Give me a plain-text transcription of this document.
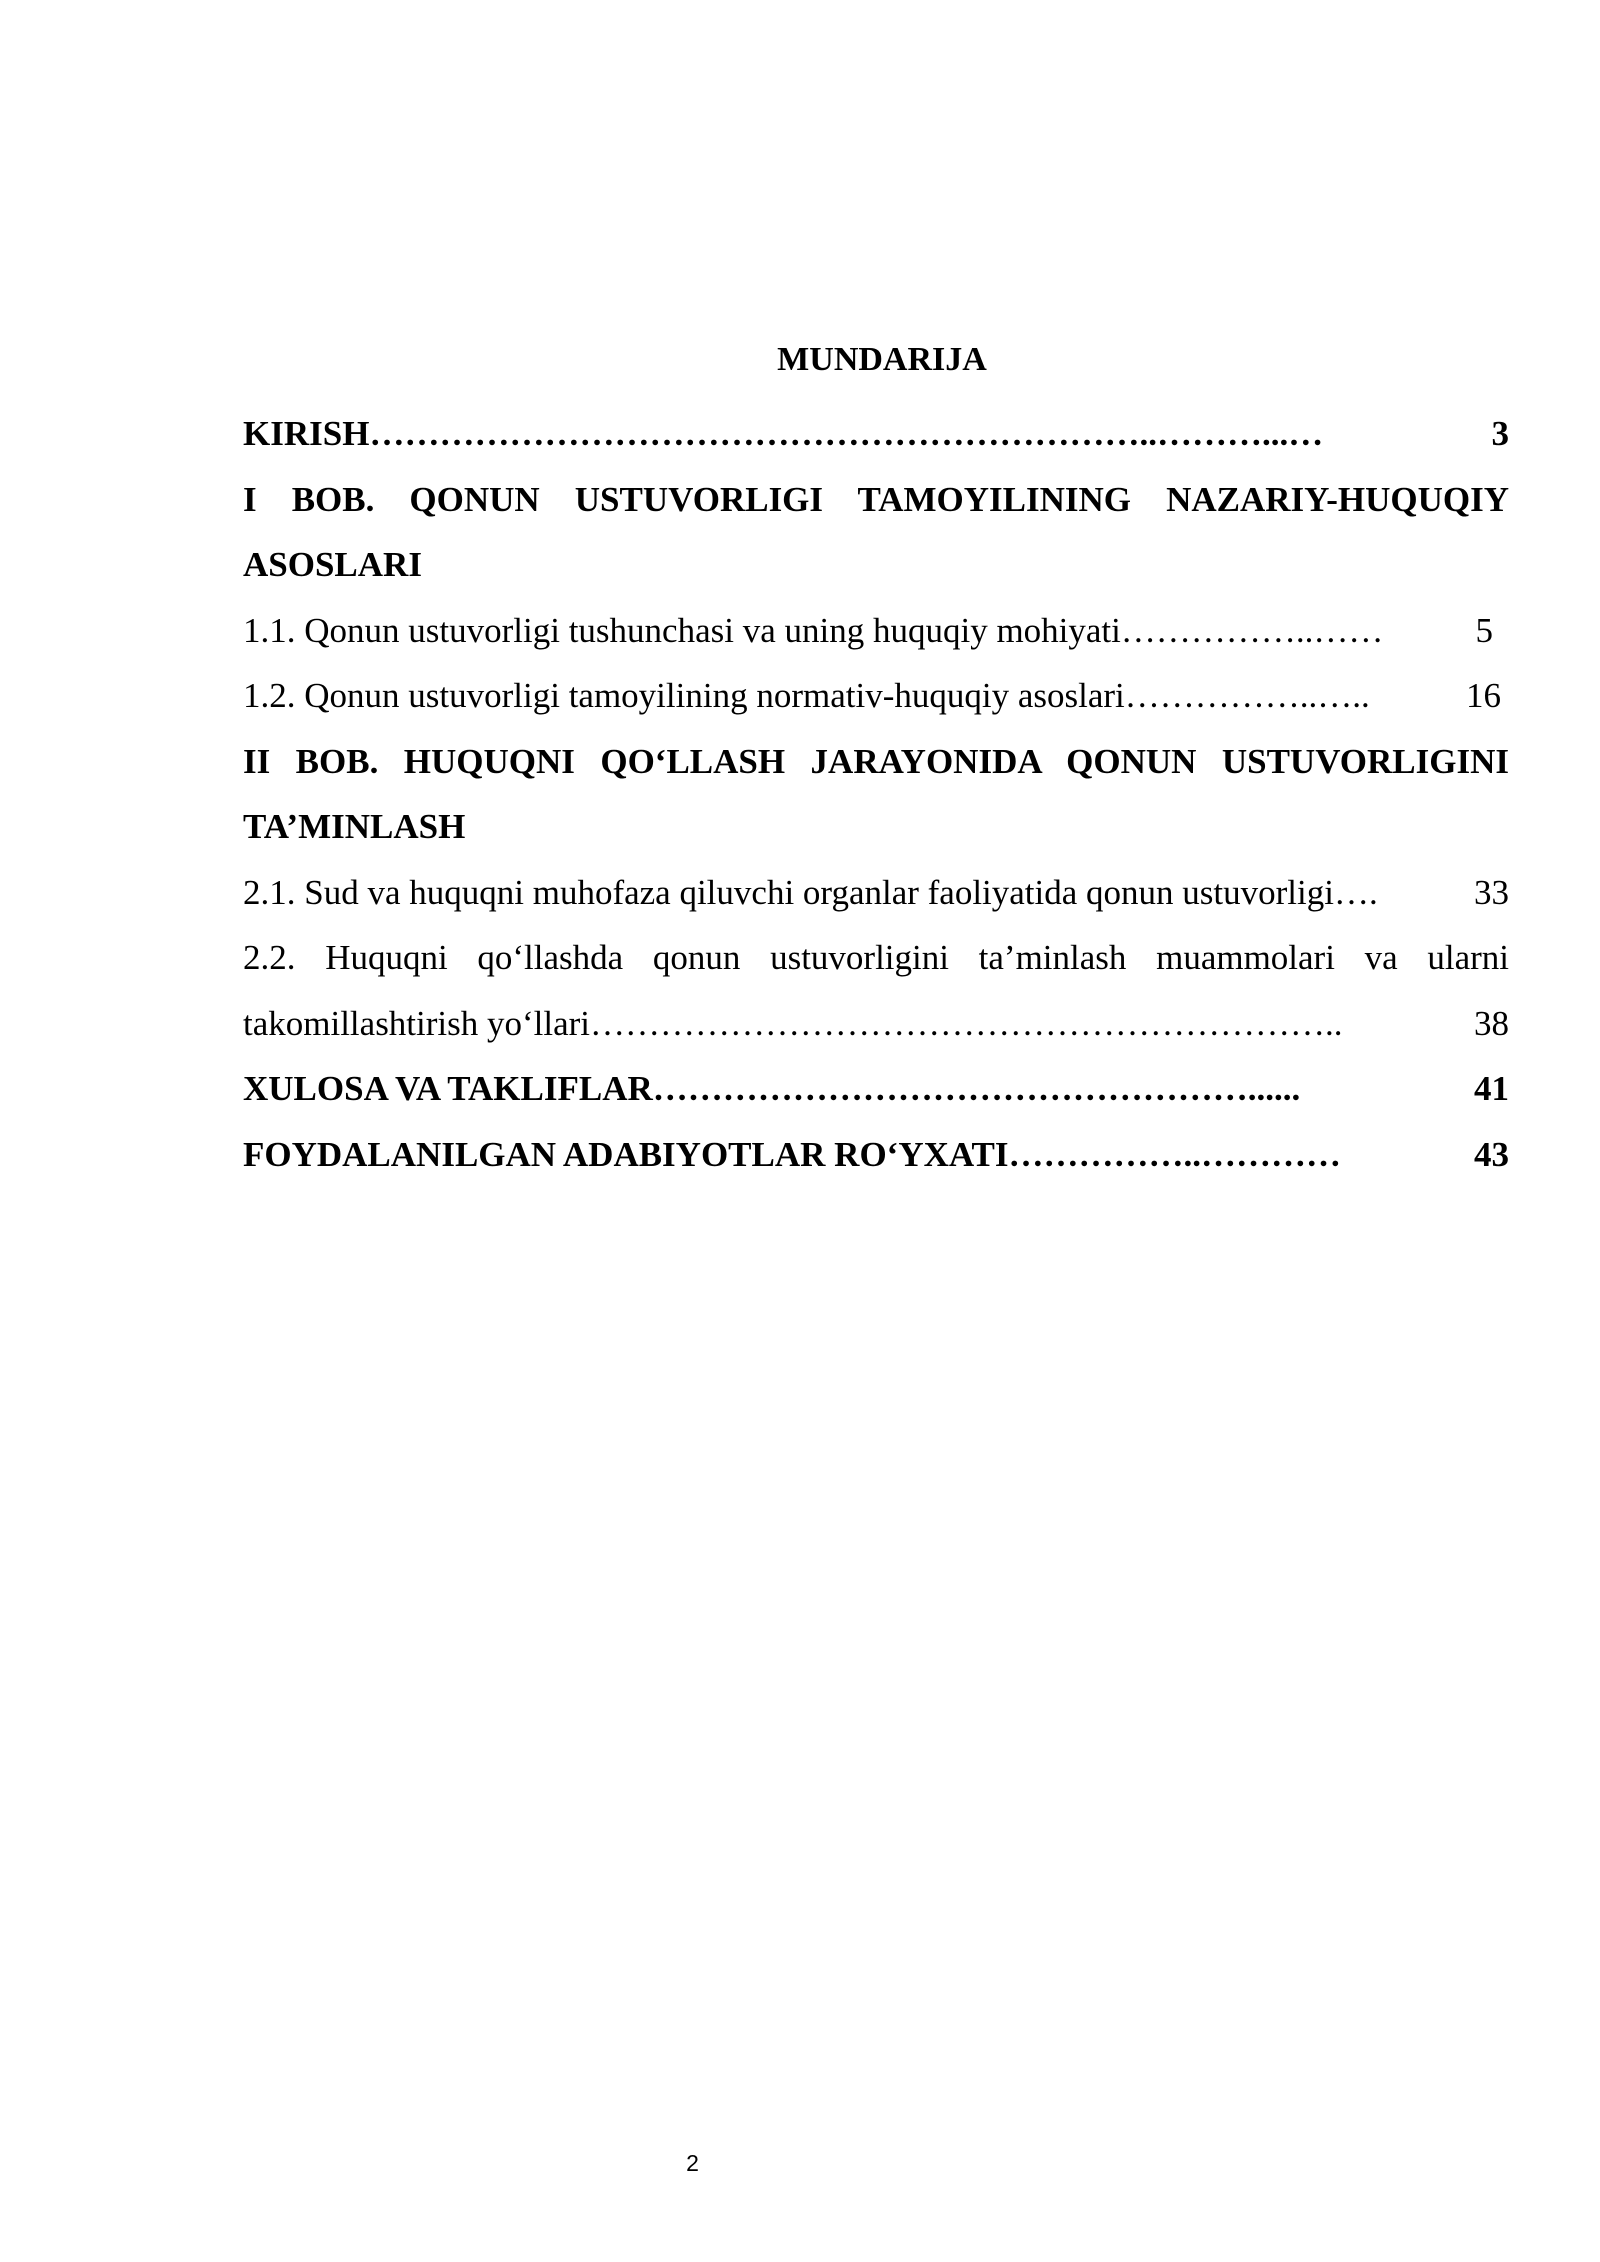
MUNDARIJA
KIRISH …………………………………………………………..………...…	3
I BOB. QONUN USTUVORLIGI TAMOYILINING NAZARIY-HUQUQIY
ASOSLARI
1.1. Qonun ustuvorligi tushunchasi va uning huquqiy mohiyati ……………..……	5
1.2. Qonun ustuvorligi tamoyilining normativ-huquqiy asoslari ……………..…..	16
II BOB. HUQUQNI QO‘LLASH JARAYONIDA QONUN USTUVORLIGINI
TA’MINLASH
2.1. Sud va huquqni muhofaza qiluvchi organlar faoliyatida qonun ustuvorligi ….	33
2.2. Huquqni qo‘llashda qonun ustuvorligini ta’minlash muammolari va ularni
takomillashtirish yo‘llari ………………………………………………………..	38
XULOSA VA TAKLIFLAR ……………………………………………......	41
FOYDALANILGAN ADABIYOTLAR RO‘YXATI ……………..…………	43
2
